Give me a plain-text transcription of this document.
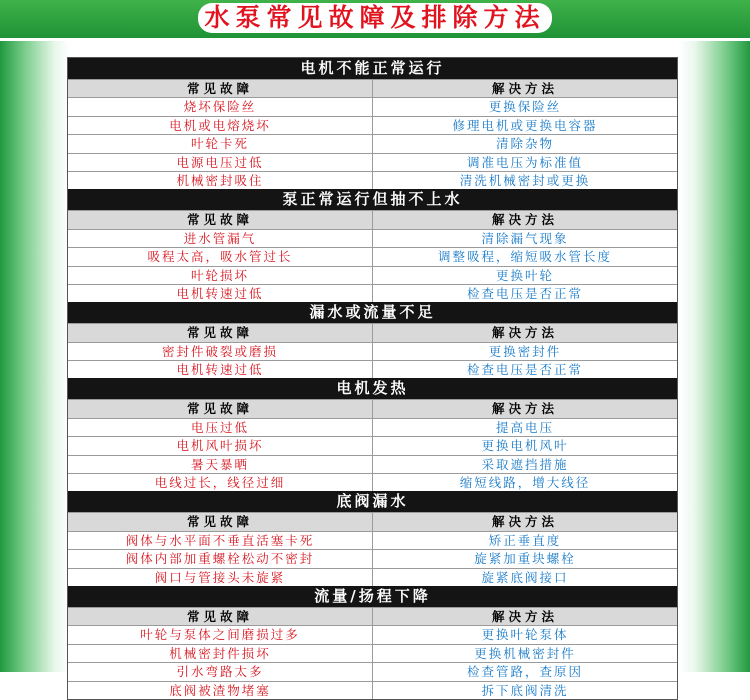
水泵常见故障及排除方法
电机不能正常运行
常见故障	解决方法
烧坏保险丝	更换保险丝
电机或电熔烧坏	修理电机或更换电容器
叶轮卡死	清除杂物
电源电压过低	调准电压为标准值
机械密封吸住	清洗机械密封或更换
泵正常运行但抽不上水
常见故障	解决方法
进水管漏气	清除漏气现象
吸程太高，吸水管过长	调整吸程，缩短吸水管长度
叶轮损坏	更换叶轮
电机转速过低	检查电压是否正常
漏水或流量不足
常见故障	解决方法
密封件破裂或磨损	更换密封件
电机转速过低	检查电压是否正常
电机发热
常见故障	解决方法
电压过低	提高电压
电机风叶损坏	更换电机风叶
暑天暴晒	采取遮挡措施
电线过长，线径过细	缩短线路，增大线径
底阀漏水
常见故障	解决方法
阀体与水平面不垂直活塞卡死	矫正垂直度
阀体内部加重螺栓松动不密封	旋紧加重块螺栓
阀口与管接头未旋紧	旋紧底阀接口
流量/扬程下降
常见故障	解决方法
叶轮与泵体之间磨损过多	更换叶轮泵体
机械密封件损坏	更换机械密封件
引水弯路太多	检查管路，查原因
底阀被渣物堵塞	拆下底阀清洗
